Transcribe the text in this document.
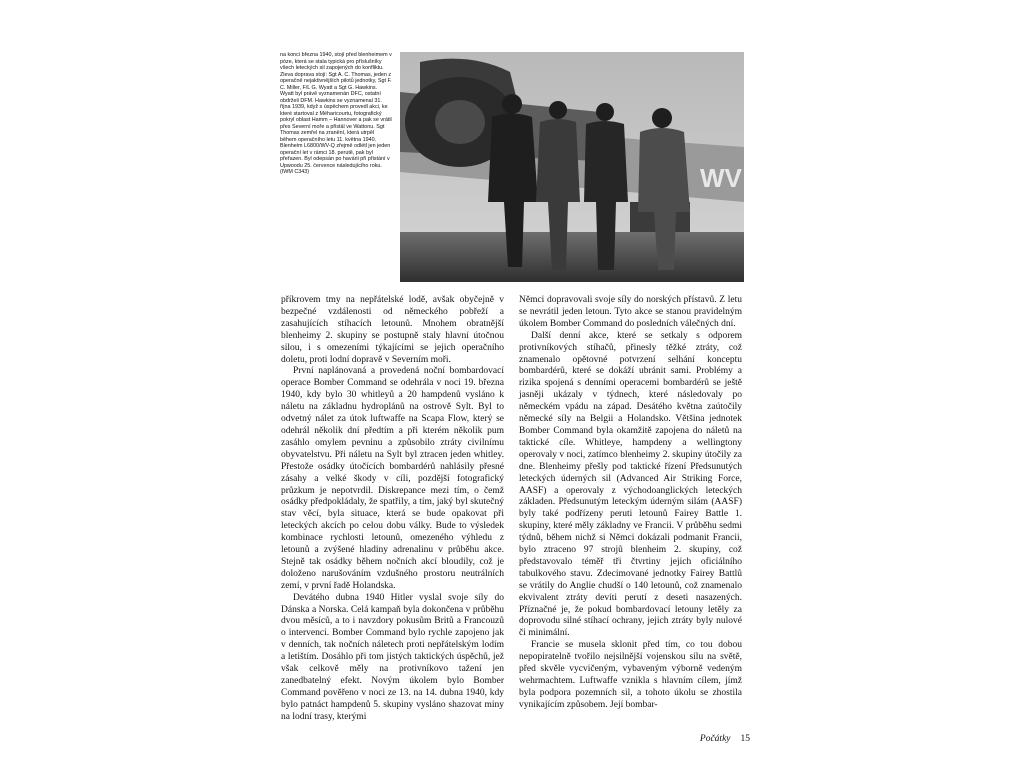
na konci března 1940, stojí před blenheimem v póze, která se stala typická pro příslušníky všech leteckých sil zapojených do konfliktu. Zleva doprava stojí: Sgt A. C. Thomas, jeden z operačně nejaktivnějších pilotů jednotky, Sgt F. C. Miller, F/L G. Wyatt a Sgt G. Hawkins. Wyatt byl právě vyznamenán DFC, ostatní obdrželi DFM. Hawkins se vyznamenal 31. října 1939, když s úspěchem provedl akci, ke které startoval z Méharicourtu, fotografický pokryl oblast Hamm – Hannover a pak se vrátil přes Severní moře a přistál ve Wattonu. Sgt Thomas zemřel na zranění, která utrpěl během operačního letu 11. května 1940. Blenheim L6800/WV-Q zřejmě odlétl jen jeden operační let v rámci 18. perutě, pak byl přeřazen. Byl odepsán po havárii při přistání v Upwoodu 25. července následujícího roku.

(IWM C343)	WV

příkrovem tmy na nepřátelské lodě, avšak obyčejně v bezpečné vzdálenosti od německého pobřeží a zasahujících stíhacích letounů. Mnohem obratnější blenheimy 2. skupiny se postupně staly hlavní útočnou silou, i s omezeními týkajícími se jejich operačního doletu, proti lodní dopravě v Severním moři.

První naplánovaná a provedená noční bombardovací operace Bomber Command se odehrála v noci 19. března 1940, kdy bylo 30 whitleyů a 20 hampdenů vysláno k náletu na základnu hydroplánů na ostrově Sylt. Byl to odvetný nálet za útok luftwaffe na Scapa Flow, který se odehrál několik dní předtím a při kterém několik pum zasáhlo omylem pevninu a způsobilo ztráty civilnímu obyvatelstvu. Při náletu na Sylt byl ztracen jeden whitley. Přestože osádky útočících bombardérů nahlásily přesné zásahy a velké škody v cíli, pozdější fotografický průzkum je nepotvrdil. Diskrepance mezi tím, o čemž osádky předpokládaly, že spatřily, a tím, jaký byl skutečný stav věcí, byla situace, která se bude opakovat při leteckých akcích po celou dobu války. Bude to výsledek kombinace rychlosti letounů, omezeného výhledu z letounů a zvýšené hladiny adrenalinu v průběhu akce. Stejně tak osádky během nočních akcí bloudily, což je doloženo narušováním vzdušného prostoru neutrálních zemí, v první řadě Holandska.

Devátého dubna 1940 Hitler vyslal svoje síly do Dánska a Norska. Celá kampaň byla dokončena v průběhu dvou měsíců, a to i navzdory pokusům Britů a Francouzů o intervenci. Bomber Command bylo rychle zapojeno jak v denních, tak nočních náletech proti nepřátelským lodím a letištím. Dosáhlo při tom jistých taktických úspěchů, jež však celkově měly na protivníkovo tažení jen zanedbatelný efekt. Novým úkolem bylo Bomber Command pověřeno v noci ze 13. na 14. dubna 1940, kdy bylo patnáct hampdenů 5. skupiny vysláno shazovat miny na lodní trasy, kterými

Němci dopravovali svoje síly do norských přístavů. Z letu se nevrátil jeden letoun. Tyto akce se stanou pravidelným úkolem Bomber Command do posledních válečných dní.

Další denní akce, které se setkaly s odporem protivníkových stíhačů, přinesly těžké ztráty, což znamenalo opětovné potvrzení selhání konceptu bombardérů, které se dokáží ubránit sami. Problémy a rizika spojená s denními operacemi bombardérů se ještě jasněji ukázaly v týdnech, které následovaly po německém vpádu na západ. Desátého května zaútočily německé síly na Belgii a Holandsko. Většina jednotek Bomber Command byla okamžitě zapojena do náletů na taktické cíle. Whitleye, hampdeny a wellingtony operovaly v noci, zatímco blenheimy 2. skupiny útočily za dne. Blenheimy přešly pod taktické řízení Předsunutých leteckých úderných sil (Advanced Air Striking Force, AASF) a operovaly z východoanglických leteckých základen. Předsunutým leteckým úderným silám (AASF) byly také podřízeny peruti letounů Fairey Battle 1. skupiny, které měly základny ve Francii. V průběhu sedmi týdnů, během nichž si Němci dokázali podmanit Francii, bylo ztraceno 97 strojů blenheim 2. skupiny, což představovalo téměř tři čtvrtiny jejich oficiálního tabulkového stavu. Zdecimované jednotky Fairey Battlů se vrátily do Anglie chudší o 140 letounů, což znamenalo ekvivalent ztráty devíti perutí z deseti nasazených. Příznačné je, že pokud bombardovací letouny letěly za doprovodu silné stíhací ochrany, jejich ztráty byly nulové či minimální.

Francie se musela sklonit před tím, co tou dobou nepopiratelně tvořilo nejsilnější vojenskou sílu na světě, před skvěle vycvičeným, vybaveným výborně vedeným wehrmachtem. Luftwaffe vznikla s hlavním cílem, jímž byla podpora pozemních sil, a tohoto úkolu se zhostila vynikajícím způsobem. Její bombar-

Počátky 15
